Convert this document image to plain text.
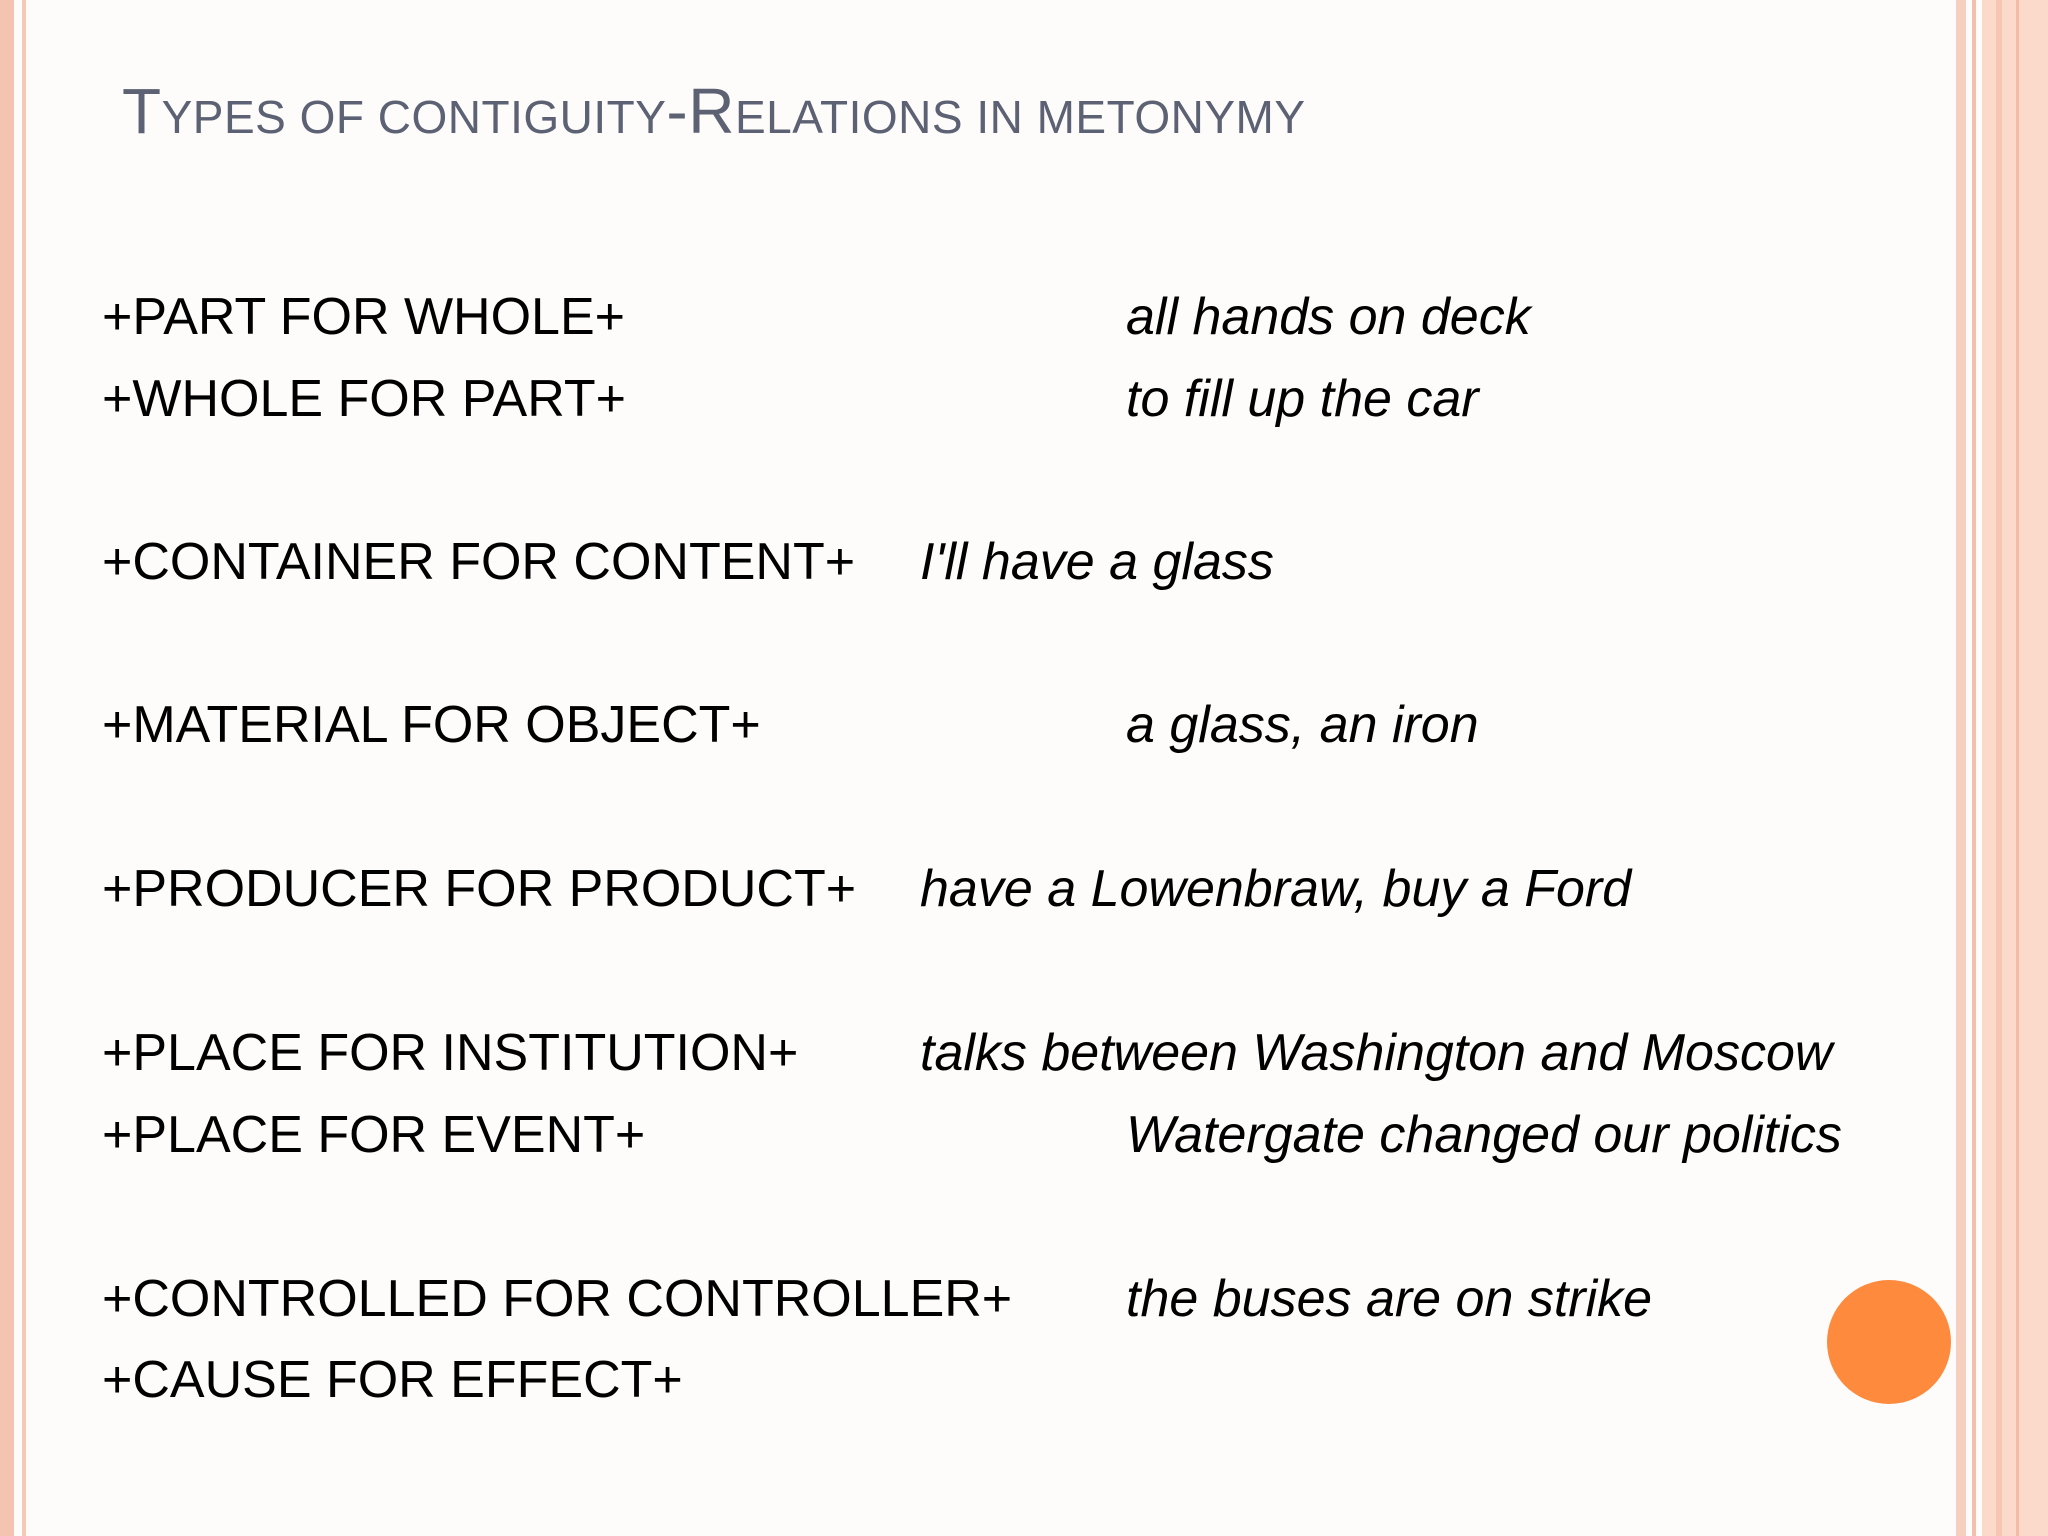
TYPES OF CONTIGUITY-RELATIONS IN METONYMY
+PART FOR WHOLE+	all hands on deck
+WHOLE FOR PART+	to fill up the car
+CONTAINER FOR CONTENT+ I'll have a glass
+MATERIAL FOR OBJECT+	a glass, an iron
+PRODUCER FOR PRODUCT+ have a Lowenbraw, buy a Ford
+PLACE FOR INSTITUTION+ talks between Washington and Moscow
+PLACE FOR EVENT+	Watergate changed our politics
+CONTROLLED FOR CONTROLLER+ the buses are on strike
+CAUSE FOR EFFECT+
